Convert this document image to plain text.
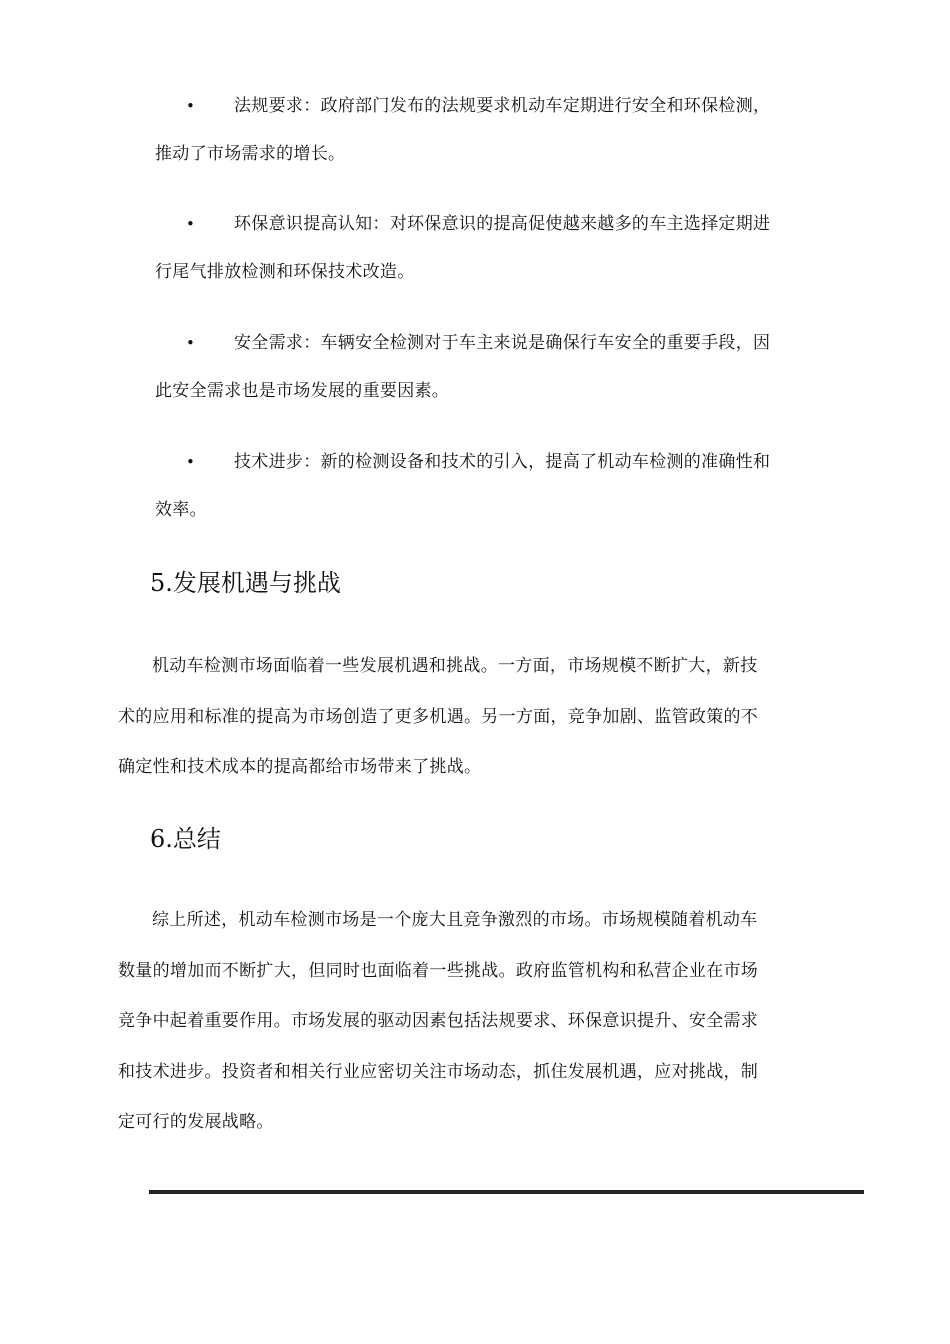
• 法规要求：政府部门发布的法规要求机动车定期进行安全和环保检测，
推动了市场需求的增长。
• 环保意识提高认知：对环保意识的提高促使越来越多的车主选择定期进
行尾气排放检测和环保技术改造。
• 安全需求：车辆安全检测对于车主来说是确保行车安全的重要手段，因
此安全需求也是市场发展的重要因素。
• 技术进步：新的检测设备和技术的引入，提高了机动车检测的准确性和
效率。
5.发展机遇与挑战

机动车检测市场面临着一些发展机遇和挑战。一方面，市场规模不断扩大，新技
术的应用和标准的提高为市场创造了更多机遇。另一方面，竞争加剧、监管政策的不
确定性和技术成本的提高都给市场带来了挑战。

6.总结

综上所述，机动车检测市场是一个庞大且竞争激烈的市场。市场规模随着机动车
数量的增加而不断扩大，但同时也面临着一些挑战。政府监管机构和私营企业在市场
竞争中起着重要作用。市场发展的驱动因素包括法规要求、环保意识提升、安全需求
和技术进步。投资者和相关行业应密切关注市场动态，抓住发展机遇，应对挑战，制
定可行的发展战略。
